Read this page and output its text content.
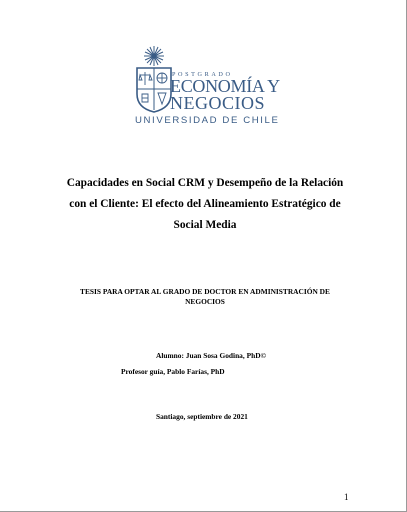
POSTGRADO
ECONOMÍA Y
NEGOCIOS
UNIVERSIDAD DE CHILE
Capacidades en Social CRM y Desempeño de la Relación
con el Cliente: El efecto del Alineamiento Estratégico de
Social Media
TESIS PARA OPTAR AL GRADO DE DOCTOR EN ADMINISTRACIÓN DE
NEGOCIOS
Alumno: Juan Sosa Godina, PhD©
Profesor guía, Pablo Farías, PhD
Santiago, septiembre de 2021
1
